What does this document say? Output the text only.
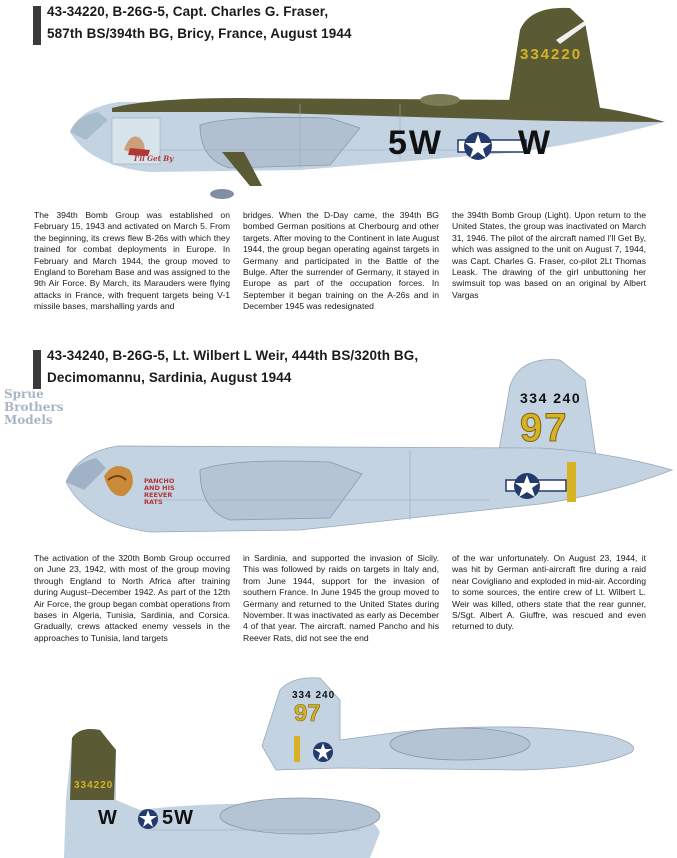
43-34220, B-26G-5, Capt. Charles G. Fraser,
587th BS/394th BG, Bricy, France, August 1944
334220
5W W
I'll Get By

The 394th Bomb Group was established on February 15, 1943 and activated on March 5. From the beginning, its crews flew B-26s with which they trained for combat deployments in Europe. In February and March 1944, the group moved to England to Boreham Base and was assigned to the 9th Air Force. By March, its Marauders were flying attacks in France, with frequent targets being V-1 missile bases, marshalling yards and

bridges. When the D-Day came, the 394th BG bombed German positions at Cherbourg and other targets. After moving to the Continent in late August 1944, the group began operating against targets in Germany and participated in the Battle of the Bulge. After the surrender of Germany, it stayed in Europe as part of the occupation forces. In September it began training on the A-26s and in December 1945 was redesignated

the 394th Bomb Group (Light). Upon return to the United States, the group was inactivated on March 31, 1946. The pilot of the aircraft named I'll Get By, which was assigned to the unit on August 7, 1944, was Capt. Charles G. Fraser, co-pilot 2Lt Thomas Leask. The drawing of the girl unbuttoning her swimsuit top was based on an original by Albert Vargas

43-34240, B-26G-5, Lt. Wilbert L Weir, 444th BS/320th BG,
Decimomannu, Sardinia, August 1944
Sprue
Brothers
Models
334 240
97
PANCHO
AND HIS
REEVER
RATS

The activation of the 320th Bomb Group occurred on June 23, 1942, with most of the group moving through England to North Africa after training during August–December 1942. As part of the 12th Air Force, the group began combat operations from bases in Algeria, Tunisia, Sardinia, and Corsica. Gradually, crews attacked enemy vessels in the approaches to Tunisia, land targets

in Sardinia, and supported the invasion of Sicily. This was followed by raids on targets in Italy and, from June 1944, support for the invasion of southern France. In June 1945 the group moved to Germany and returned to the United States during November. It was inactivated as early as December 4 of that year. The aircraft. named Pancho and his Reever Rats, did not see the end

of the war unfortunately. On August 23, 1944, it was hit by German anti-aircraft fire during a raid near Covigliano and exploded in mid-air. According to some sources, the entire crew of Lt. Wilbert L. Weir was killed, others state that the rear gunner, S/Sgt. Albert A. Giuffre, was rescued and even returned to duty.

334220
W 5W
334 240
97
